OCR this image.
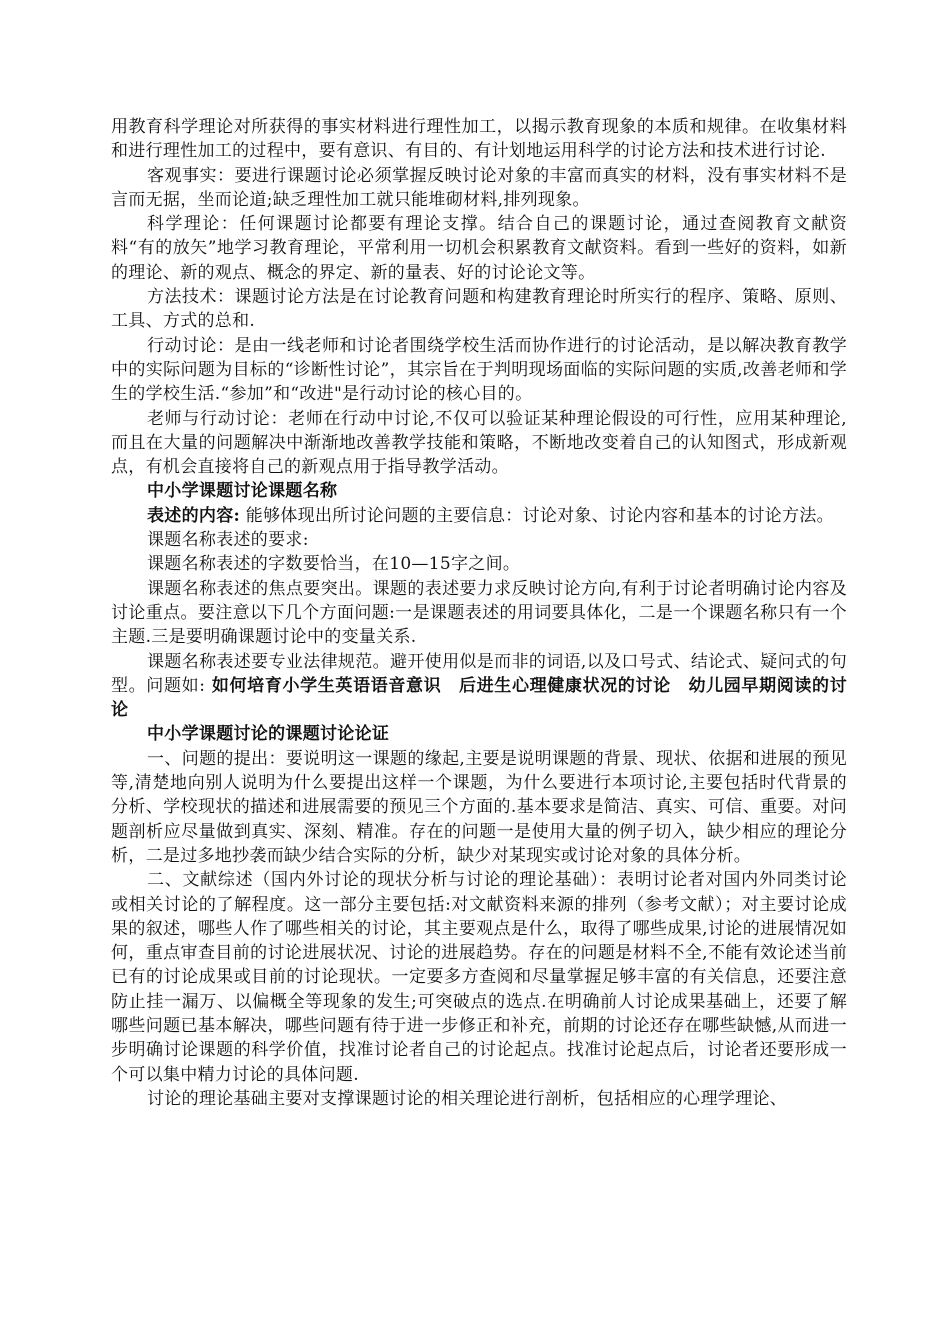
用教育科学理论对所获得的事实材料进行理性加工，以揭示教育现象的本质和规律。在收集材料和进行理性加工的过程中，要有意识、有目的、有计划地运用科学的讨论方法和技术进行讨论.

客观事实：要进行课题讨论必须掌握反映讨论对象的丰富而真实的材料，没有事实材料不是言而无据，坐而论道;缺乏理性加工就只能堆砌材料,排列现象。

科学理论：任何课题讨论都要有理论支撑。结合自己的课题讨论，通过查阅教育文献资料“有的放矢”地学习教育理论，平常利用一切机会积累教育文献资料。看到一些好的资料，如新的理论、新的观点、概念的界定、新的量表、好的讨论论文等。

方法技术：课题讨论方法是在讨论教育问题和构建教育理论时所实行的程序、策略、原则、工具、方式的总和.

行动讨论：是由一线老师和讨论者围绕学校生活而协作进行的讨论活动，是以解决教育教学中的实际问题为目标的“诊断性讨论”，其宗旨在于判明现场面临的实际问题的实质,改善老师和学生的学校生活.“参加”和“改进"是行动讨论的核心目的。

老师与行动讨论：老师在行动中讨论,不仅可以验证某种理论假设的可行性，应用某种理论,而且在大量的问题解决中渐渐地改善教学技能和策略，不断地改变着自己的认知图式，形成新观点，有机会直接将自己的新观点用于指导教学活动。

中小学课题讨论课题名称

表述的内容: 能够体现出所讨论问题的主要信息：讨论对象、讨论内容和基本的讨论方法。

课题名称表述的要求:

课题名称表述的字数要恰当，在10—15字之间。

课题名称表述的焦点要突出。课题的表述要力求反映讨论方向,有利于讨论者明确讨论内容及讨论重点。要注意以下几个方面问题:一是课题表述的用词要具体化，二是一个课题名称只有一个主题.三是要明确课题讨论中的变量关系.

课题名称表述要专业法律规范。避开使用似是而非的词语,以及口号式、结论式、疑问式的句型。问题如: 如何培育小学生英语语音意识　后进生心理健康状况的讨论　幼儿园早期阅读的讨论

中小学课题讨论的课题讨论论证

一、问题的提出：要说明这一课题的缘起,主要是说明课题的背景、现状、依据和进展的预见等,清楚地向别人说明为什么要提出这样一个课题，为什么要进行本项讨论,主要包括时代背景的分析、学校现状的描述和进展需要的预见三个方面的.基本要求是简洁、真实、可信、重要。对问题剖析应尽量做到真实、深刻、精准。存在的问题一是使用大量的例子切入，缺少相应的理论分析，二是过多地抄袭而缺少结合实际的分析，缺少对某现实或讨论对象的具体分析。

二、文献综述（国内外讨论的现状分析与讨论的理论基础）：表明讨论者对国内外同类讨论或相关讨论的了解程度。这一部分主要包括:对文献资料来源的排列（参考文献）；对主要讨论成果的叙述，哪些人作了哪些相关的讨论，其主要观点是什么，取得了哪些成果,讨论的进展情况如何，重点审查目前的讨论进展状况、讨论的进展趋势。存在的问题是材料不全,不能有效论述当前已有的讨论成果或目前的讨论现状。一定要多方查阅和尽量掌握足够丰富的有关信息，还要注意防止挂一漏万、以偏概全等现象的发生;可突破点的选点.在明确前人讨论成果基础上，还要了解哪些问题已基本解决，哪些问题有待于进一步修正和补充，前期的讨论还存在哪些缺憾,从而进一步明确讨论课题的科学价值，找准讨论者自己的讨论起点。找准讨论起点后，讨论者还要形成一个可以集中精力讨论的具体问题.

讨论的理论基础主要对支撑课题讨论的相关理论进行剖析，包括相应的心理学理论、
